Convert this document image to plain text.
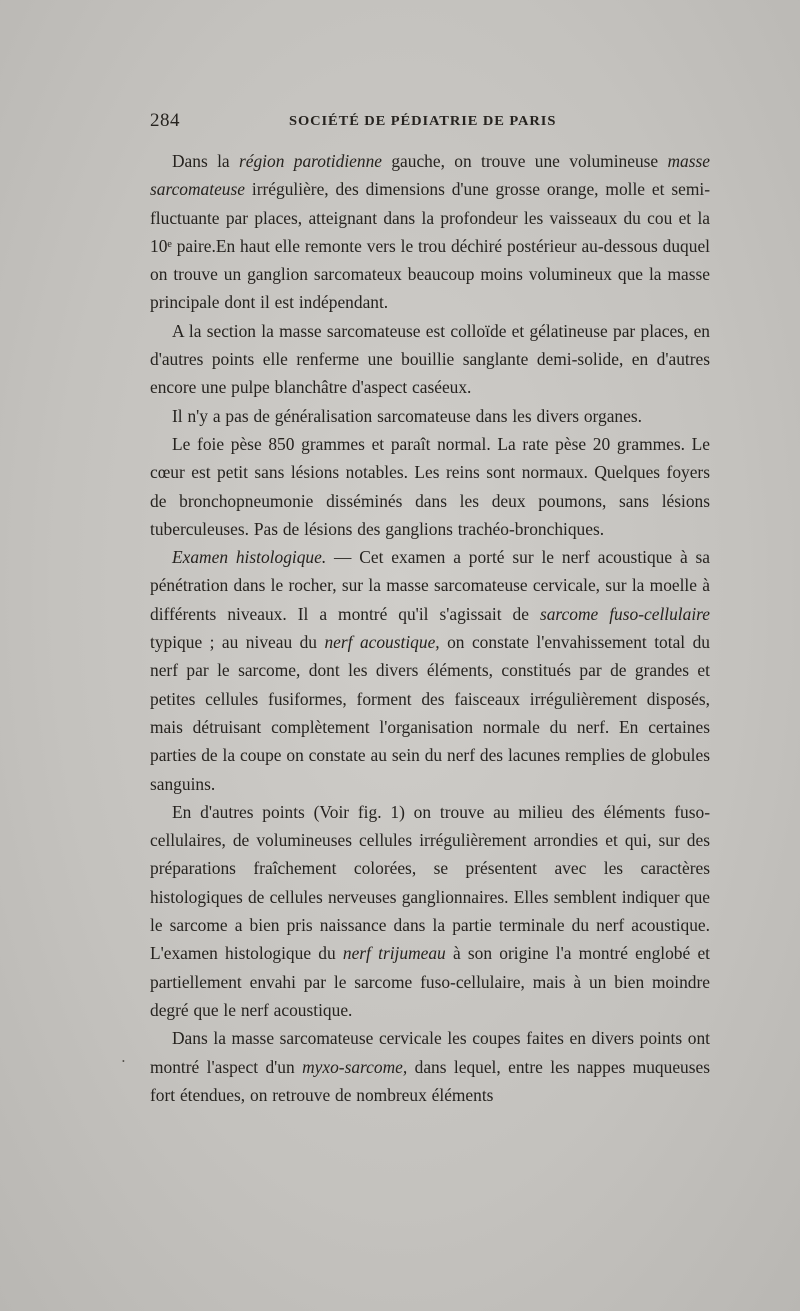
284	SOCIÉTÉ DE PÉDIATRIE DE PARIS

Dans la région parotidienne gauche, on trouve une volumineuse masse sarcomateuse irrégulière, des dimensions d'une grosse orange, molle et semi-fluctuante par places, atteignant dans la profondeur les vaisseaux du cou et la 10ᵉ paire.En haut elle remonte vers le trou déchiré postérieur au-dessous duquel on trouve un ganglion sarcomateux beaucoup moins volumineux que la masse principale dont il est indépendant.

A la section la masse sarcomateuse est colloïde et gélatineuse par places, en d'autres points elle renferme une bouillie sanglante demi-solide, en d'autres encore une pulpe blanchâtre d'aspect caséeux.

Il n'y a pas de généralisation sarcomateuse dans les divers organes.

Le foie pèse 850 grammes et paraît normal. La rate pèse 20 grammes. Le cœur est petit sans lésions notables. Les reins sont normaux. Quelques foyers de bronchopneumonie disséminés dans les deux poumons, sans lésions tuberculeuses. Pas de lésions des ganglions trachéo-bronchiques.

Examen histologique. — Cet examen a porté sur le nerf acoustique à sa pénétration dans le rocher, sur la masse sarcomateuse cervicale, sur la moelle à différents niveaux. Il a montré qu'il s'agissait de sarcome fuso-cellulaire typique ; au niveau du nerf acoustique, on constate l'envahissement total du nerf par le sarcome, dont les divers éléments, constitués par de grandes et petites cellules fusiformes, forment des faisceaux irrégulièrement disposés, mais détruisant complètement l'organisation normale du nerf. En certaines parties de la coupe on constate au sein du nerf des lacunes remplies de globules sanguins.

En d'autres points (Voir fig. 1) on trouve au milieu des éléments fuso-cellulaires, de volumineuses cellules irrégulièrement arrondies et qui, sur des préparations fraîchement colorées, se présentent avec les caractères histologiques de cellules nerveuses ganglionnaires. Elles semblent indiquer que le sarcome a bien pris naissance dans la partie terminale du nerf acoustique. L'examen histologique du nerf trijumeau à son origine l'a montré englobé et partiellement envahi par le sarcome fuso-cellulaire, mais à un bien moindre degré que le nerf acoustique.

Dans la masse sarcomateuse cervicale les coupes faites en divers points ont montré l'aspect d'un myxo-sarcome, dans lequel, entre les nappes muqueuses fort étendues, on retrouve de nombreux éléments

•
